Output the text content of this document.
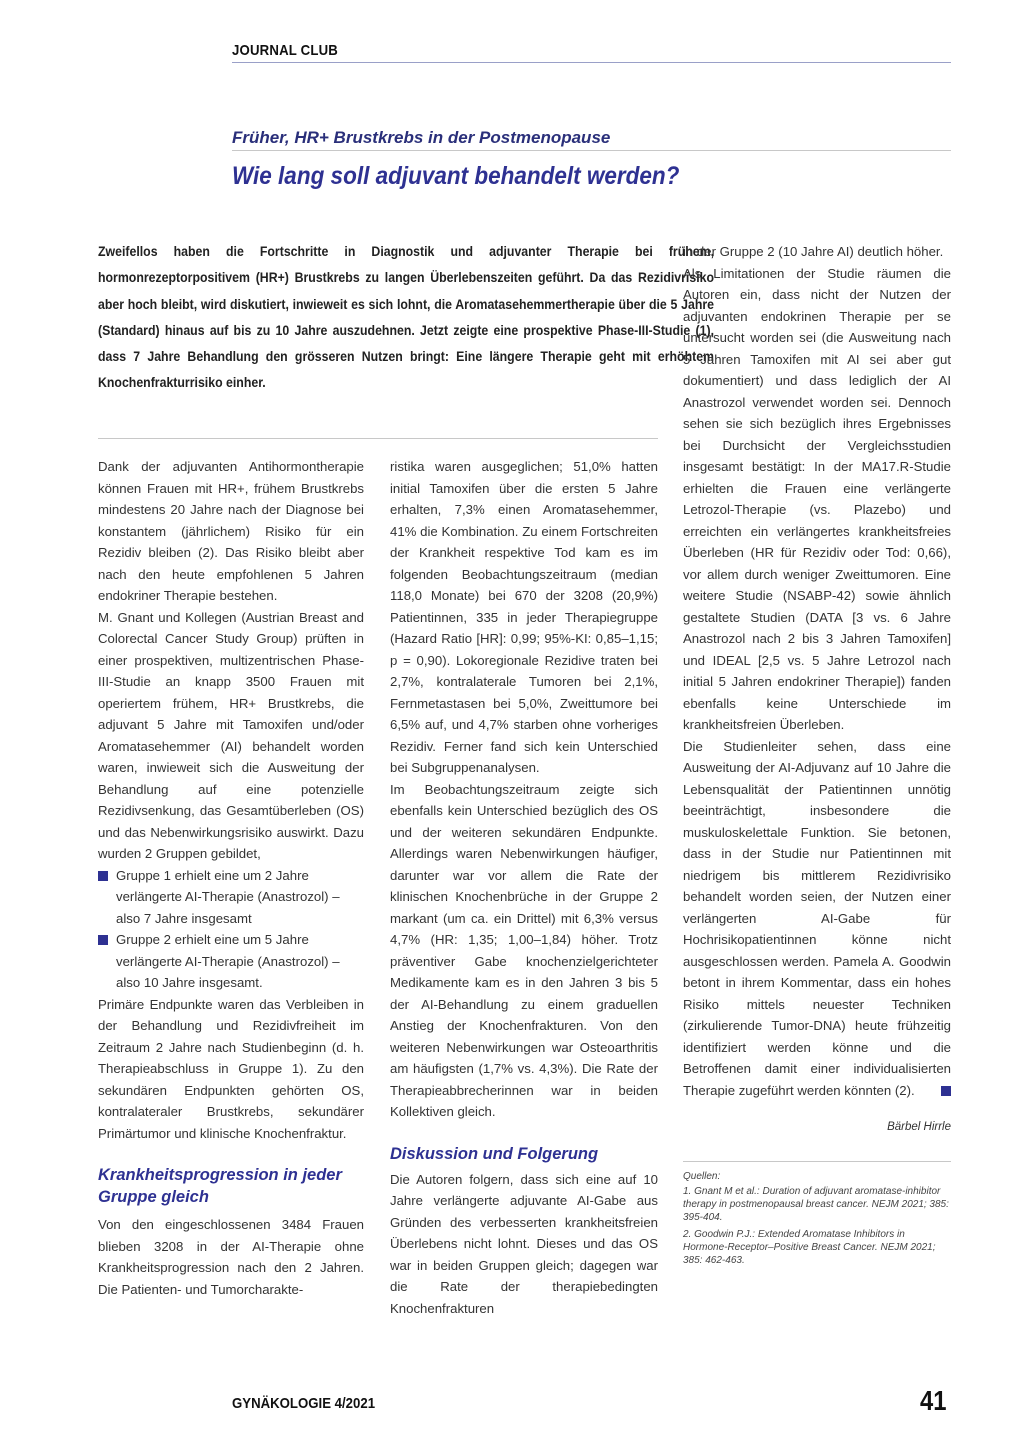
JOURNAL CLUB
Früher, HR+ Brustkrebs in der Postmenopause
Wie lang soll adjuvant behandelt werden?

Zweifellos haben die Fortschritte in Diagnostik und adjuvanter Therapie bei frühem, hormonrezeptorpositivem (HR+) Brustkrebs zu langen Überlebenszeiten geführt. Da das Rezidivrisiko aber hoch bleibt, wird diskutiert, inwieweit es sich lohnt, die Aromatasehemmertherapie über die 5 Jahre (Standard) hinaus auf bis zu 10 Jahre auszudehnen. Jetzt zeigte eine prospektive Phase-III-Studie (1), dass 7 Jahre Behandlung den grösseren Nutzen bringt: Eine längere Therapie geht mit erhöhtem Knochenfrakturrisiko einher.

Dank der adjuvanten Antihormontherapie können Frauen mit HR+, frühem Brustkrebs mindestens 20 Jahre nach der Diagnose bei konstantem (jährlichem) Risiko für ein Rezidiv bleiben (2). Das Risiko bleibt aber nach den heute empfohlenen 5 Jahren endokriner Therapie bestehen.

M. Gnant und Kollegen (Austrian Breast and Colorectal Cancer Study Group) prüften in einer prospektiven, multizentrischen Phase-III-Studie an knapp 3500 Frauen mit operiertem frühem, HR+ Brustkrebs, die adjuvant 5 Jahre mit Tamoxifen und/oder Aromatasehemmer (AI) behandelt worden waren, inwieweit sich die Ausweitung der Behandlung auf eine potenzielle Rezidivsenkung, das Gesamtüberleben (OS) und das Nebenwirkungsrisiko auswirkt. Dazu wurden 2 Gruppen gebildet,

Gruppe 1 erhielt eine um 2 Jahre verlängerte AI-Therapie (Anastrozol) – also 7 Jahre insgesamt
Gruppe 2 erhielt eine um 5 Jahre verlängerte AI-Therapie (Anastrozol) – also 10 Jahre insgesamt.

Primäre Endpunkte waren das Verbleiben in der Behandlung und Rezidivfreiheit im Zeitraum 2 Jahre nach Studienbeginn (d. h. Therapieabschluss in Gruppe 1). Zu den sekundären Endpunkten gehörten OS, kontralateraler Brustkrebs, sekundärer Primärtumor und klinische Knochenfraktur.

Krankheitsprogression in jeder Gruppe gleich

Von den eingeschlossenen 3484 Frauen blieben 3208 in der AI-Therapie ohne Krankheitsprogression nach den 2 Jahren. Die Patienten- und Tumorcharakte-

ristika waren ausgeglichen; 51,0% hatten initial Tamoxifen über die ersten 5 Jahre erhalten, 7,3% einen Aromatasehemmer, 41% die Kombination. Zu einem Fortschreiten der Krankheit respektive Tod kam es im folgenden Beobachtungszeitraum (median 118,0 Monate) bei 670 der 3208 (20,9%) Patientinnen, 335 in jeder Therapiegruppe (Hazard Ratio [HR]: 0,99; 95%-KI: 0,85–1,15; p = 0,90). Lokoregionale Rezidive traten bei 2,7%, kontralaterale Tumoren bei 2,1%, Fernmetastasen bei 5,0%, Zweittumore bei 6,5% auf, und 4,7% starben ohne vorheriges Rezidiv. Ferner fand sich kein Unterschied bei Subgruppenanalysen.

Im Beobachtungszeitraum zeigte sich ebenfalls kein Unterschied bezüglich des OS und der weiteren sekundären Endpunkte. Allerdings waren Nebenwirkungen häufiger, darunter war vor allem die Rate der klinischen Knochenbrüche in der Gruppe 2 markant (um ca. ein Drittel) mit 6,3% versus 4,7% (HR: 1,35; 1,00–1,84) höher. Trotz präventiver Gabe knochenzielgerichteter Medikamente kam es in den Jahren 3 bis 5 der AI-Behandlung zu einem graduellen Anstieg der Knochenfrakturen. Von den weiteren Nebenwirkungen war Osteoarthritis am häufigsten (1,7% vs. 4,3%). Die Rate der Therapieabbrecherinnen war in beiden Kollektiven gleich.

Diskussion und Folgerung

Die Autoren folgern, dass sich eine auf 10 Jahre verlängerte adjuvante AI-Gabe aus Gründen des verbesserten krankheitsfreien Überlebens nicht lohnt. Dieses und das OS war in beiden Gruppen gleich; dagegen war die Rate der therapiebedingten Knochenfrakturen

in der Gruppe 2 (10 Jahre AI) deutlich höher.

Als Limitationen der Studie räumen die Autoren ein, dass nicht der Nutzen der adjuvanten endokrinen Therapie per se untersucht worden sei (die Ausweitung nach 5 Jahren Tamoxifen mit AI sei aber gut dokumentiert) und dass lediglich der AI Anastrozol verwendet worden sei. Dennoch sehen sie sich bezüglich ihres Ergebnisses bei Durchsicht der Vergleichsstudien insgesamt bestätigt: In der MA17.R-Studie erhielten die Frauen eine verlängerte Letrozol-Therapie (vs. Plazebo) und erreichten ein verlängertes krankheitsfreies Überleben (HR für Rezidiv oder Tod: 0,66), vor allem durch weniger Zweittumoren. Eine weitere Studie (NSABP-42) sowie ähnlich gestaltete Studien (DATA [3 vs. 6 Jahre Anastrozol nach 2 bis 3 Jahren Tamoxifen] und IDEAL [2,5 vs. 5 Jahre Letrozol nach initial 5 Jahren endokriner Therapie]) fanden ebenfalls keine Unterschiede im krankheitsfreien Überleben.

Die Studienleiter sehen, dass eine Ausweitung der AI-Adjuvanz auf 10 Jahre die Lebensqualität der Patientinnen unnötig beeinträchtigt, insbesondere die muskuloskelettale Funktion. Sie betonen, dass in der Studie nur Patientinnen mit niedrigem bis mittlerem Rezidivrisiko behandelt worden seien, der Nutzen einer verlängerten AI-Gabe für Hochrisikopatientinnen könne nicht ausgeschlossen werden. Pamela A. Goodwin betont in ihrem Kommentar, dass ein hohes Risiko mittels neuester Techniken (zirkulierende Tumor-DNA) heute frühzeitig identifiziert werden könne und die Betroffenen damit einer individualisierten Therapie zugeführt werden könnten (2).

Bärbel Hirrle
Quellen:
1. Gnant M et al.: Duration of adjuvant aromatase-inhibitor therapy in postmenopausal breast cancer. NEJM 2021; 385: 395-404.
2. Goodwin P.J.: Extended Aromatase Inhibitors in Hormone-Receptor–Positive Breast Cancer. NEJM 2021; 385: 462-463.
GYNÄKOLOGIE 4/2021	41
